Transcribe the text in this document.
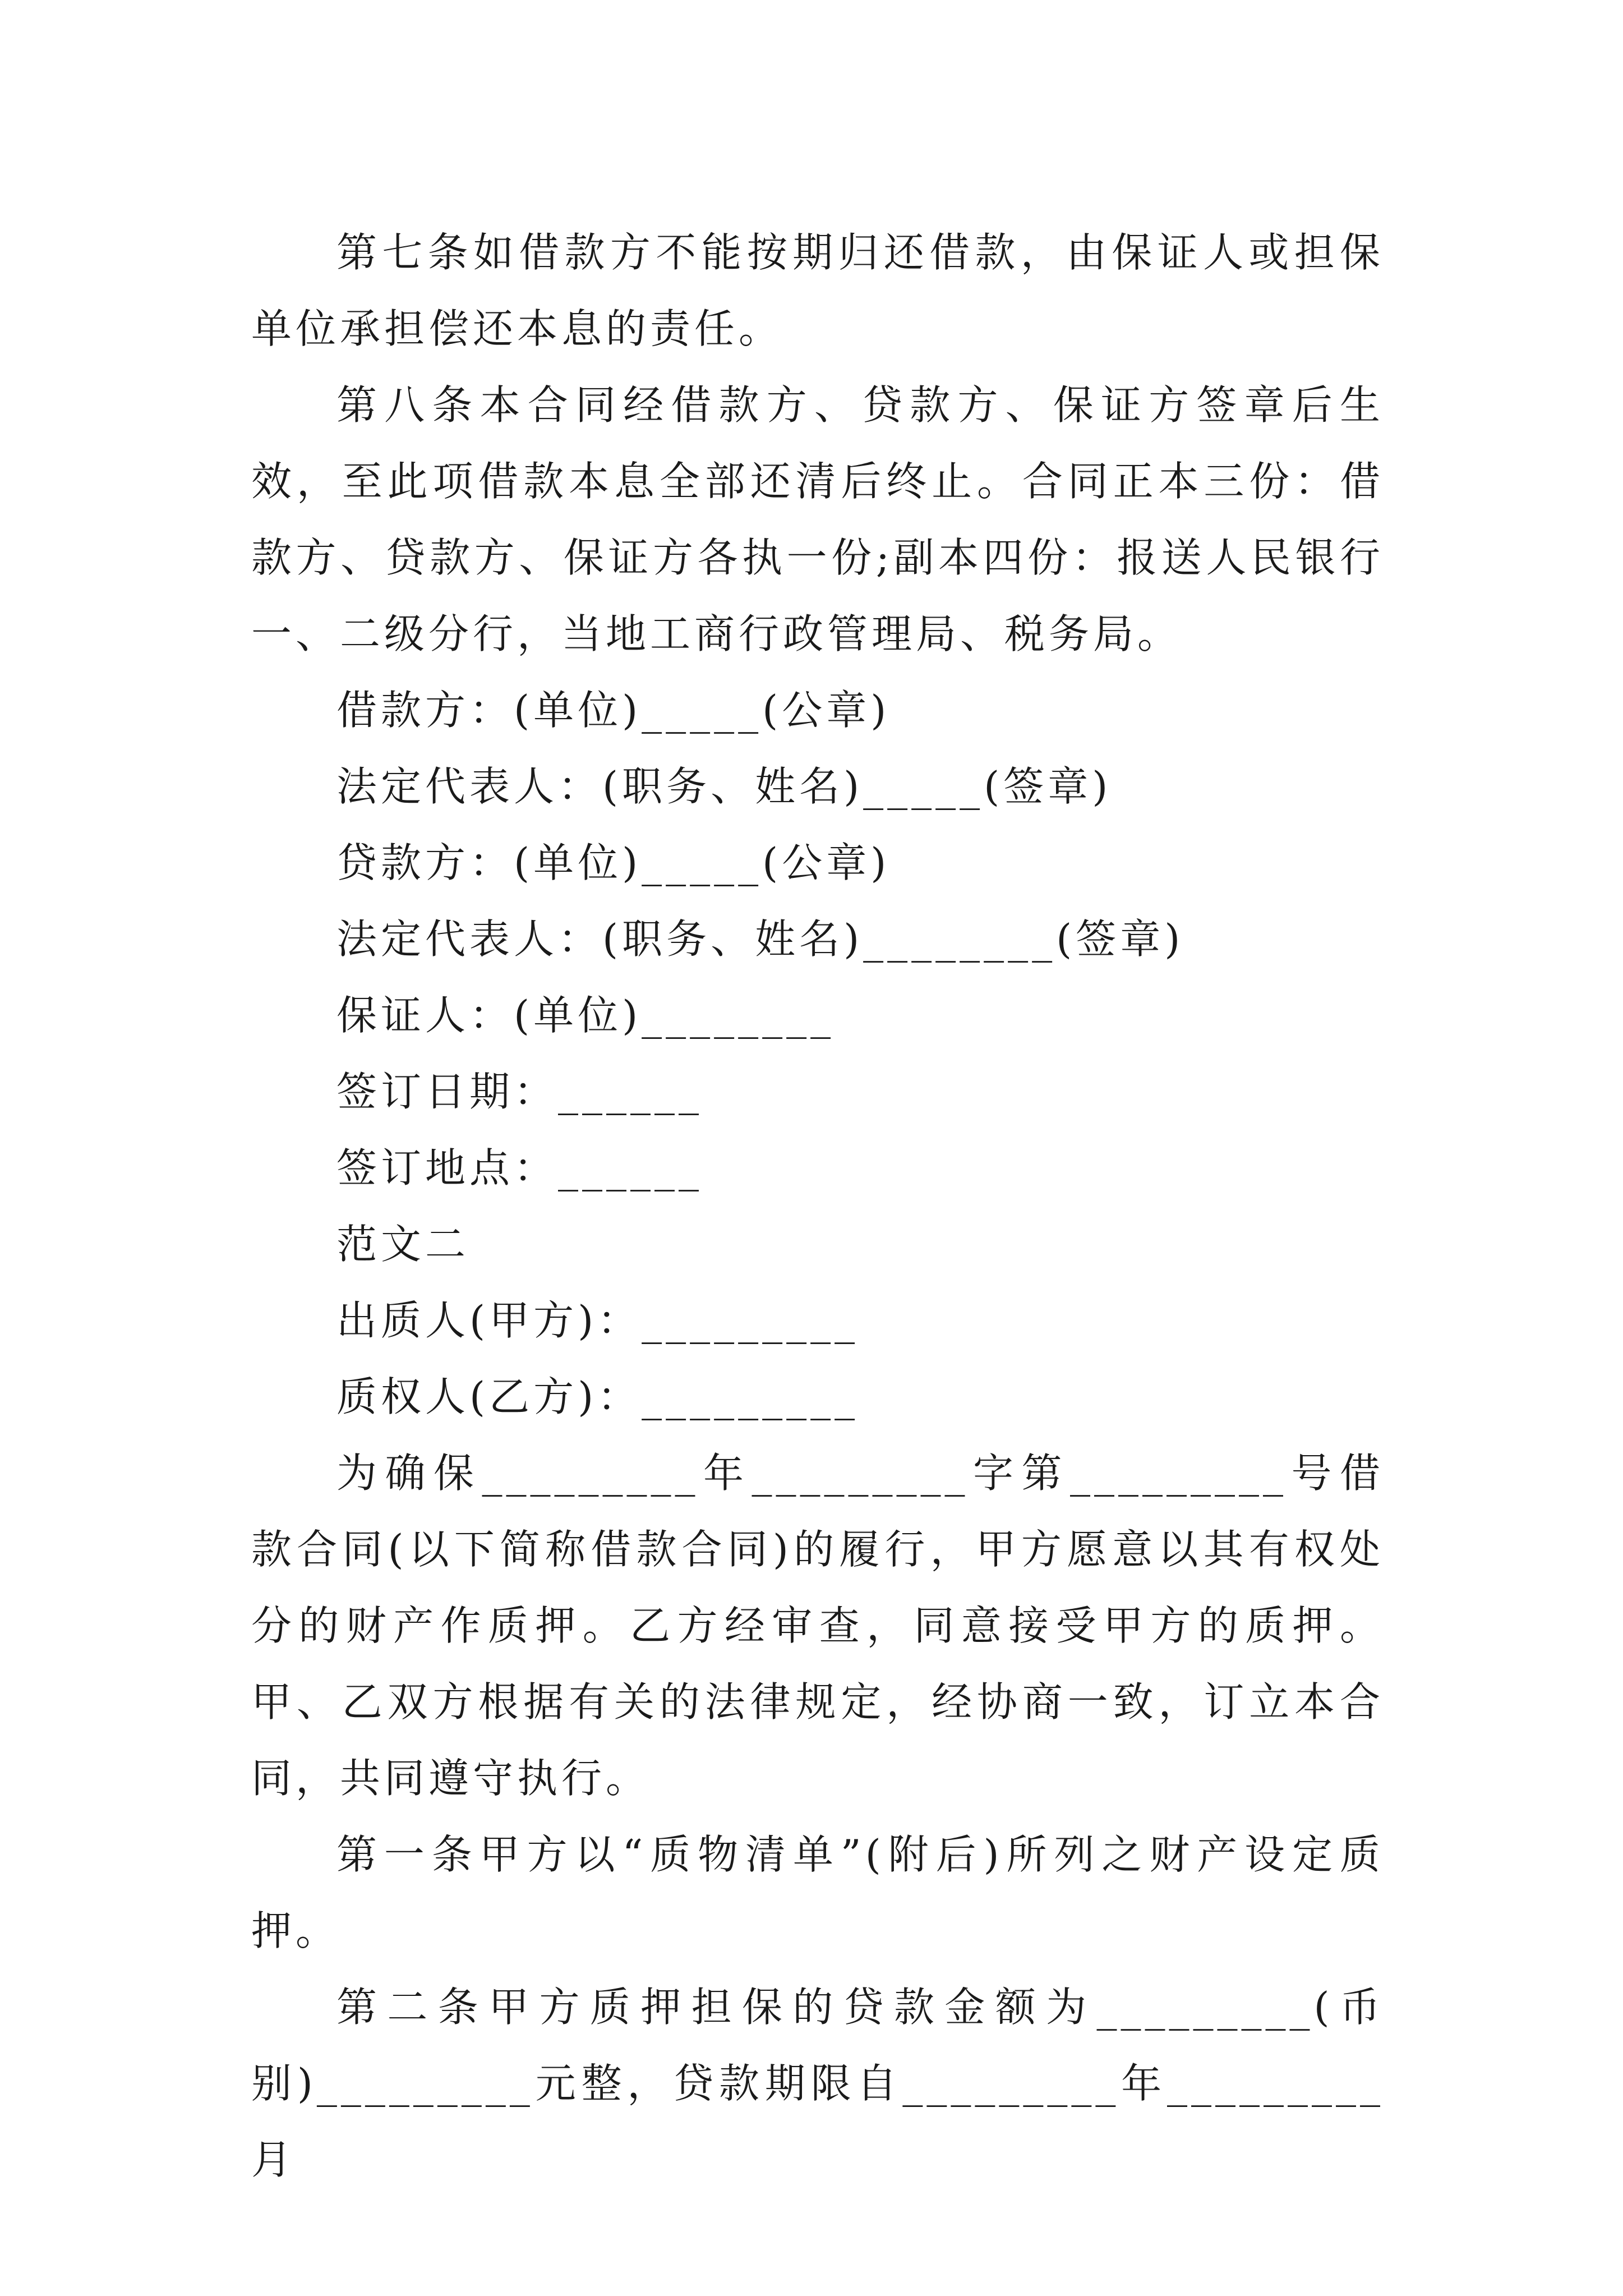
第七条如借款方不能按期归还借款，由保证人或担保单位承担偿还本息的责任。

第八条本合同经借款方、贷款方、保证方签章后生效，至此项借款本息全部还清后终止。合同正本三份：借款方、贷款方、保证方各执一份;副本四份：报送人民银行一、二级分行，当地工商行政管理局、税务局。

借款方：(单位)_____(公章)

法定代表人：(职务、姓名)_____(签章)

贷款方：(单位)_____(公章)

法定代表人：(职务、姓名)________(签章)

保证人：(单位)________

签订日期：______

签订地点：______

范文二

出质人(甲方)：_________

质权人(乙方)：_________

为确保_________年_________字第_________号借款合同(以下简称借款合同)的履行，甲方愿意以其有权处分的财产作质押。乙方经审查，同意接受甲方的质押。甲、乙双方根据有关的法律规定，经协商一致，订立本合同，共同遵守执行。

第一条甲方以“质物清单”(附后)所列之财产设定质押。

第二条甲方质押担保的贷款金额为_________(币别)_________元整，贷款期限自_________年_________月
